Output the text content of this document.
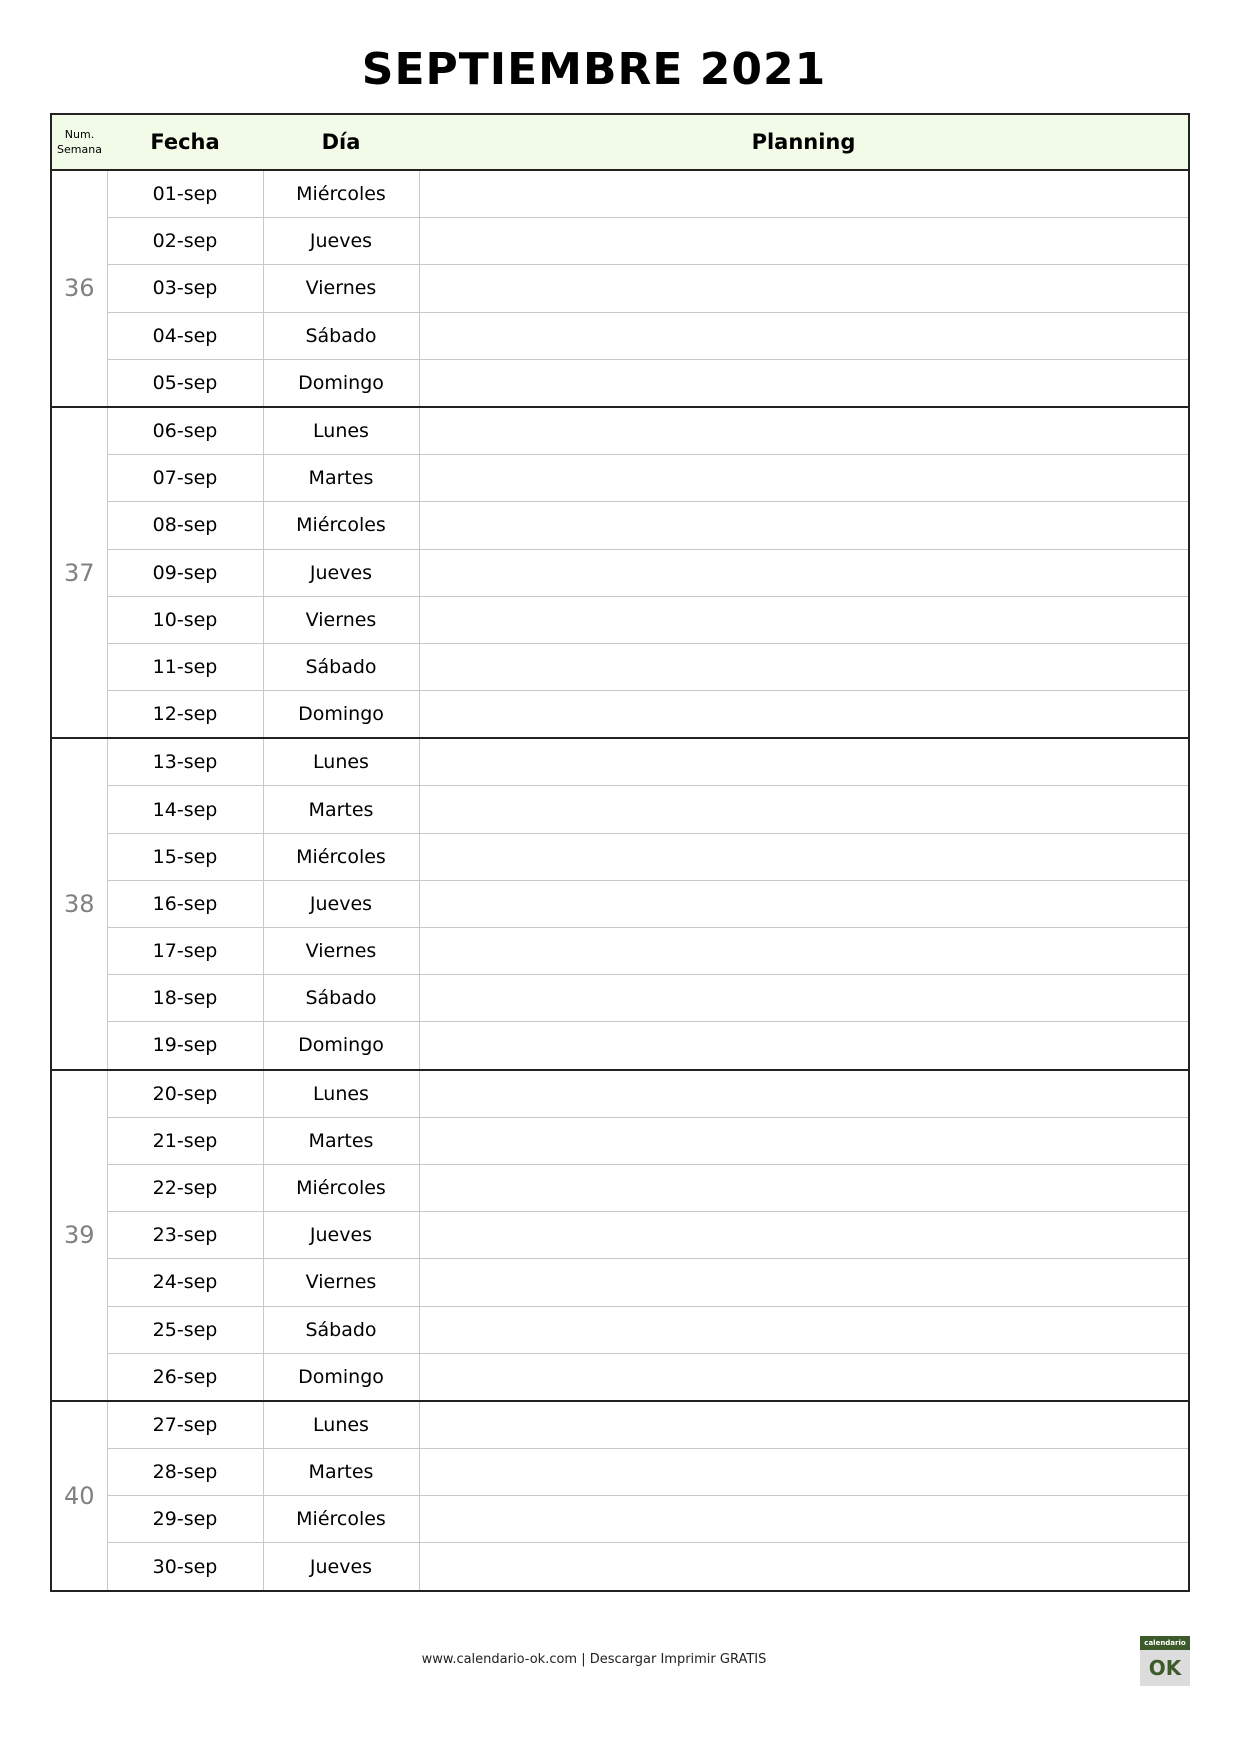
SEPTIEMBRE 2021
Num.
Semana	Fecha	Día	Planning
36	01-sep	Miércoles	
	02-sep	Jueves	
	03-sep	Viernes	
	04-sep	Sábado	
	05-sep	Domingo	
37	06-sep	Lunes	
	07-sep	Martes	
	08-sep	Miércoles	
	09-sep	Jueves	
	10-sep	Viernes	
	11-sep	Sábado	
	12-sep	Domingo	
38	13-sep	Lunes	
	14-sep	Martes	
	15-sep	Miércoles	
	16-sep	Jueves	
	17-sep	Viernes	
	18-sep	Sábado	
	19-sep	Domingo	
39	20-sep	Lunes	
	21-sep	Martes	
	22-sep	Miércoles	
	23-sep	Jueves	
	24-sep	Viernes	
	25-sep	Sábado	
	26-sep	Domingo	
40	27-sep	Lunes	
	28-sep	Martes	
	29-sep	Miércoles	
	30-sep	Jueves	
www.calendario-ok.com | Descargar Imprimir GRATIS
calendario
OK
